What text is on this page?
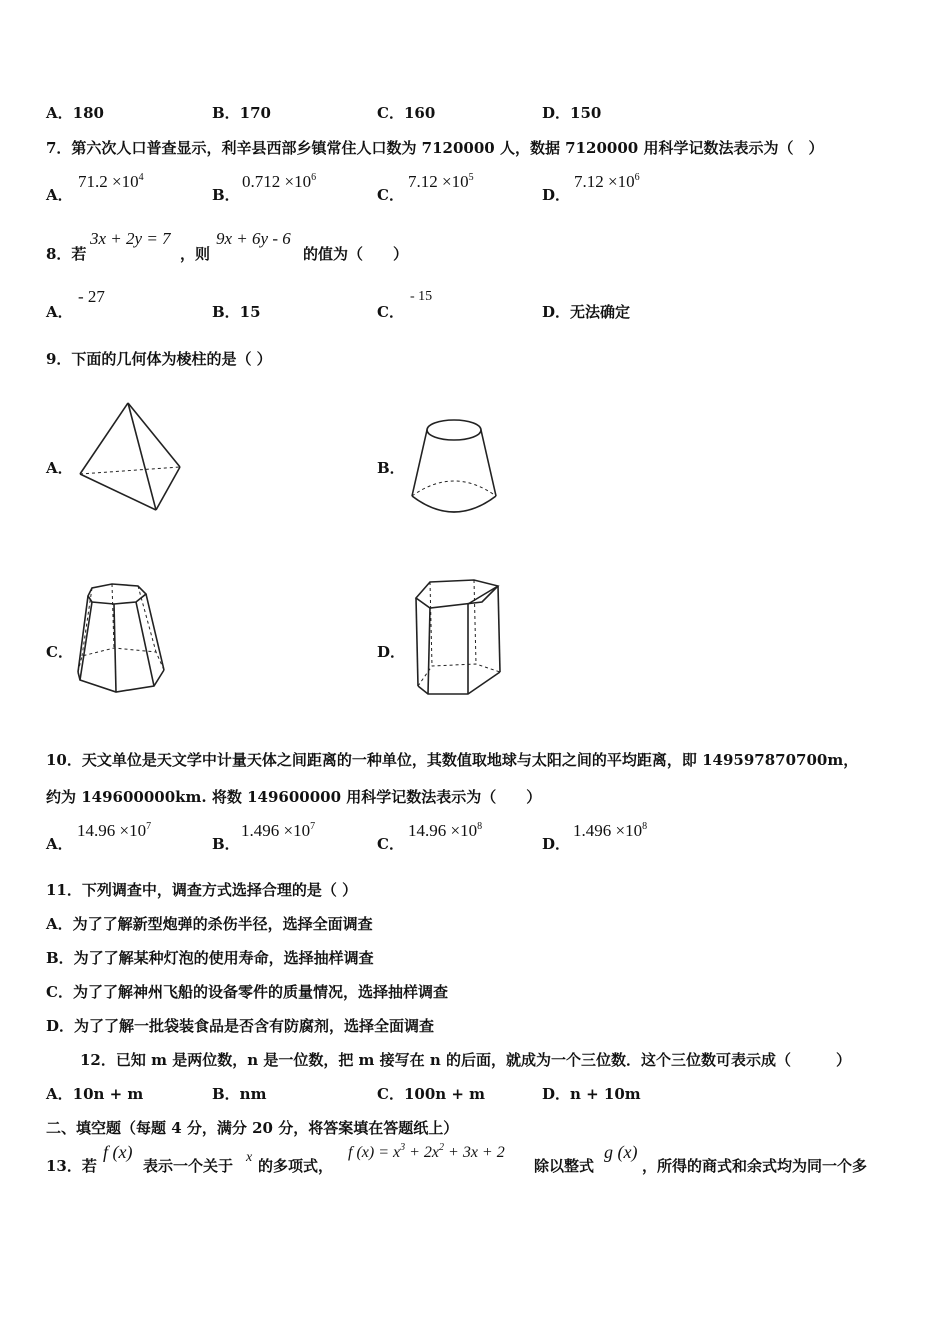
A．180	B．170	C．160	D．150
7．第六次人口普查显示，利辛县西部乡镇常住人口数为 7120000 人，数据 7120000 用科学记数法表示为（　）
A．
$71.2 \times 10^4$
B．
$0.712 \times 10^6$
C．
$7.12 \times 10^5$
D．
$7.12 \times 10^6$
8．若
3x + 2y = 7
，则
9x + 6y - 6
的值为（　　）
A．
- 27
B．15	C．
- 15
D．无法确定
9．下面的几何体为棱柱的是（ ）
A．	B．
C．	D．
10．天文单位是天文学中计量天体之间距离的一种单位，其数值取地球与太阳之间的平均距离，即 149597870700m，
约为 149600000km. 将数 149600000 用科学记数法表示为（　　）
A．
$14.96 \times 10^7$
B．
$1.496 \times 10^7$
C．
$14.96 \times 10^8$
D．
$1.496 \times 10^8$
11．下列调查中，调查方式选择合理的是（ ）
A．为了了解新型炮弹的杀伤半径，选择全面调查
B．为了了解某种灯泡的使用寿命，选择抽样调查
C．为了了解神州飞船的设备零件的质量情况，选择抽样调查
D．为了了解一批袋装食品是否含有防腐剂，选择全面调查
12．已知 m 是两位数，n 是一位数，把 m 接写在 n 的后面，就成为一个三位数．这个三位数可表示成（　　　）
A．10n + m	B．nm	C．100n + m	D．n + 10m
二、填空题（每题 4 分，满分 20 分，将答案填在答题纸上）
13．若
f (x)
表示一个关于 x 的多项式，
f $(x) = x^3 + 2x^2 + 3x + 2$
除以整式
g (x)
，所得的商式和余式均为同一个多
